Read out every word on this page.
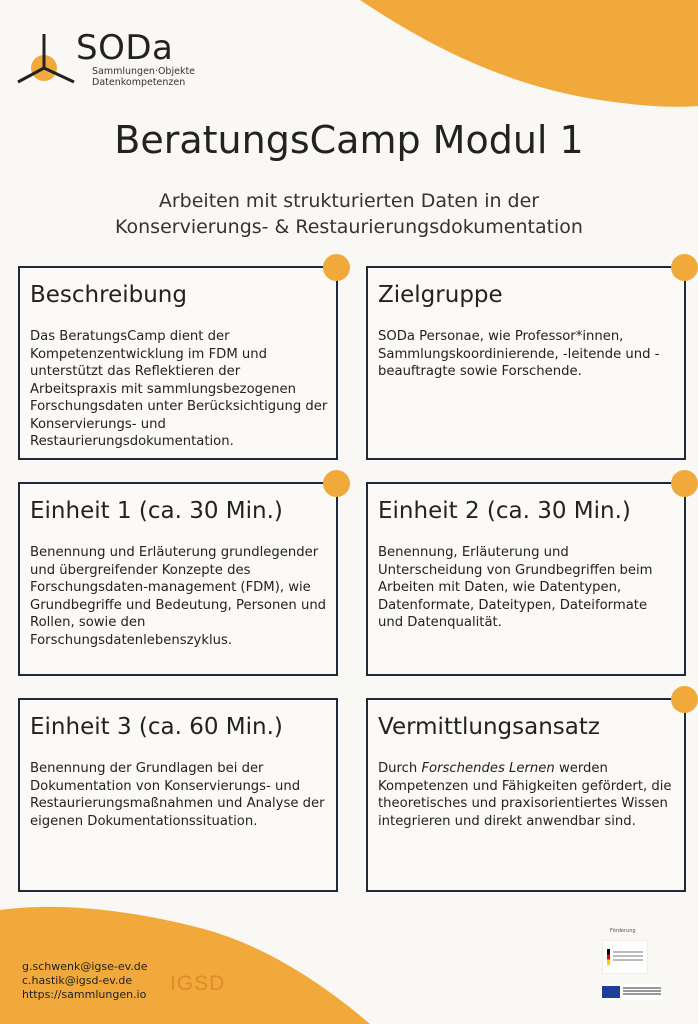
SODa
Sammlungen·Objekte
Datenkompetenzen
BeratungsCamp Modul 1
Arbeiten mit strukturierten Daten in der
Konservierungs- & Restaurierungsdokumentation
Beschreibung

Das BeratungsCamp dient der Kompetenzentwicklung im FDM und unterstützt das Reflektieren der Arbeitspraxis mit sammlungsbezogenen Forschungsdaten unter Berücksichtigung der Konservierungs- und Restaurierungsdokumentation.

Zielgruppe

SODa Personae, wie Professor*innen, Sammlungskoordinierende, -leitende und -beauftragte sowie Forschende.

Einheit 1 (ca. 30 Min.)

Benennung und Erläuterung grundlegender und übergreifender Konzepte des Forschungsdaten-management (FDM), wie Grundbegriffe und Bedeutung, Personen und Rollen, sowie den Forschungsdatenlebenszyklus.

Einheit 2 (ca. 30 Min.)

Benennung, Erläuterung und Unterscheidung von Grundbegriffen beim Arbeiten mit Daten, wie Datentypen, Datenformate, Dateitypen, Dateiformate und Datenqualität.

Einheit 3 (ca. 60 Min.)

Benennung der Grundlagen bei der Dokumentation von Konservierungs- und Restaurierungsmaßnahmen und Analyse der eigenen Dokumentationssituation.

Vermittlungsansatz

Durch Forschendes Lernen werden Kompetenzen und Fähigkeiten gefördert, die theoretisches und praxisorientiertes Wissen integrieren und direkt anwendbar sind.

g.schwenk@igse-ev.de
c.hastik@igsd-ev.de
https://sammlungen.io IGSD
Förderung
